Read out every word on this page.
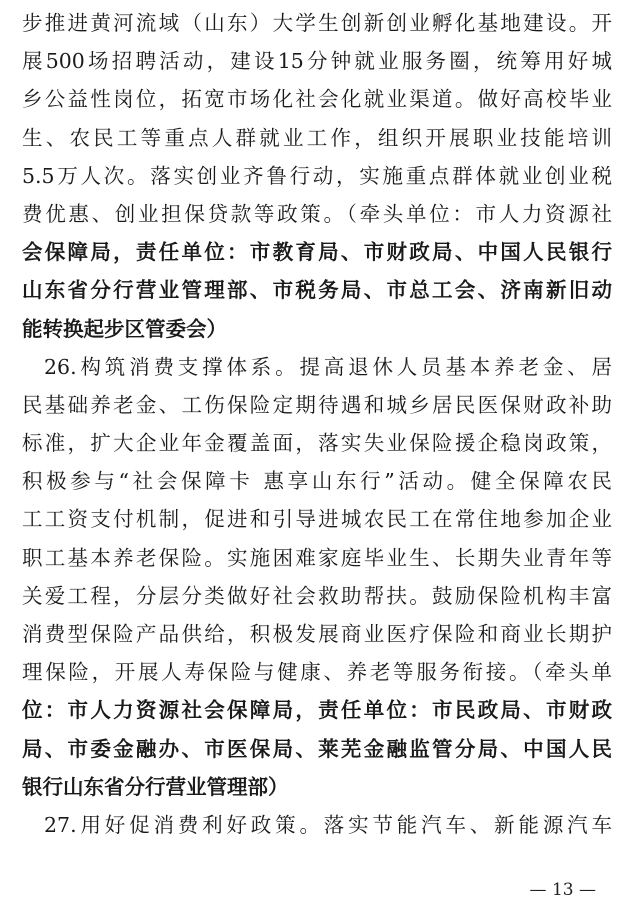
步推进黄河流域（山东）大学生创新创业孵化基地建设。开
展500场招聘活动，建设15分钟就业服务圈，统筹用好城
乡公益性岗位，拓宽市场化社会化就业渠道。做好高校毕业
生、农民工等重点人群就业工作，组织开展职业技能培训
5.5万人次。落实创业齐鲁行动，实施重点群体就业创业税
费优惠、创业担保贷款等政策。（牵头单位：市人力资源社
会保障局，责任单位：市教育局、市财政局、中国人民银行
山东省分行营业管理部、市税务局、市总工会、济南新旧动
能转换起步区管委会）
26.构筑消费支撑体系。提高退休人员基本养老金、居
民基础养老金、工伤保险定期待遇和城乡居民医保财政补助
标准，扩大企业年金覆盖面，落实失业保险援企稳岗政策，
积极参与“社会保障卡 惠享山东行”活动。健全保障农民
工工资支付机制，促进和引导进城农民工在常住地参加企业
职工基本养老保险。实施困难家庭毕业生、长期失业青年等
关爱工程，分层分类做好社会救助帮扶。鼓励保险机构丰富
消费型保险产品供给，积极发展商业医疗保险和商业长期护
理保险，开展人寿保险与健康、养老等服务衔接。（牵头单
位：市人力资源社会保障局，责任单位：市民政局、市财政
局、市委金融办、市医保局、莱芜金融监管分局、中国人民
银行山东省分行营业管理部）
27.用好促消费利好政策。落实节能汽车、新能源汽车
— 13 —
